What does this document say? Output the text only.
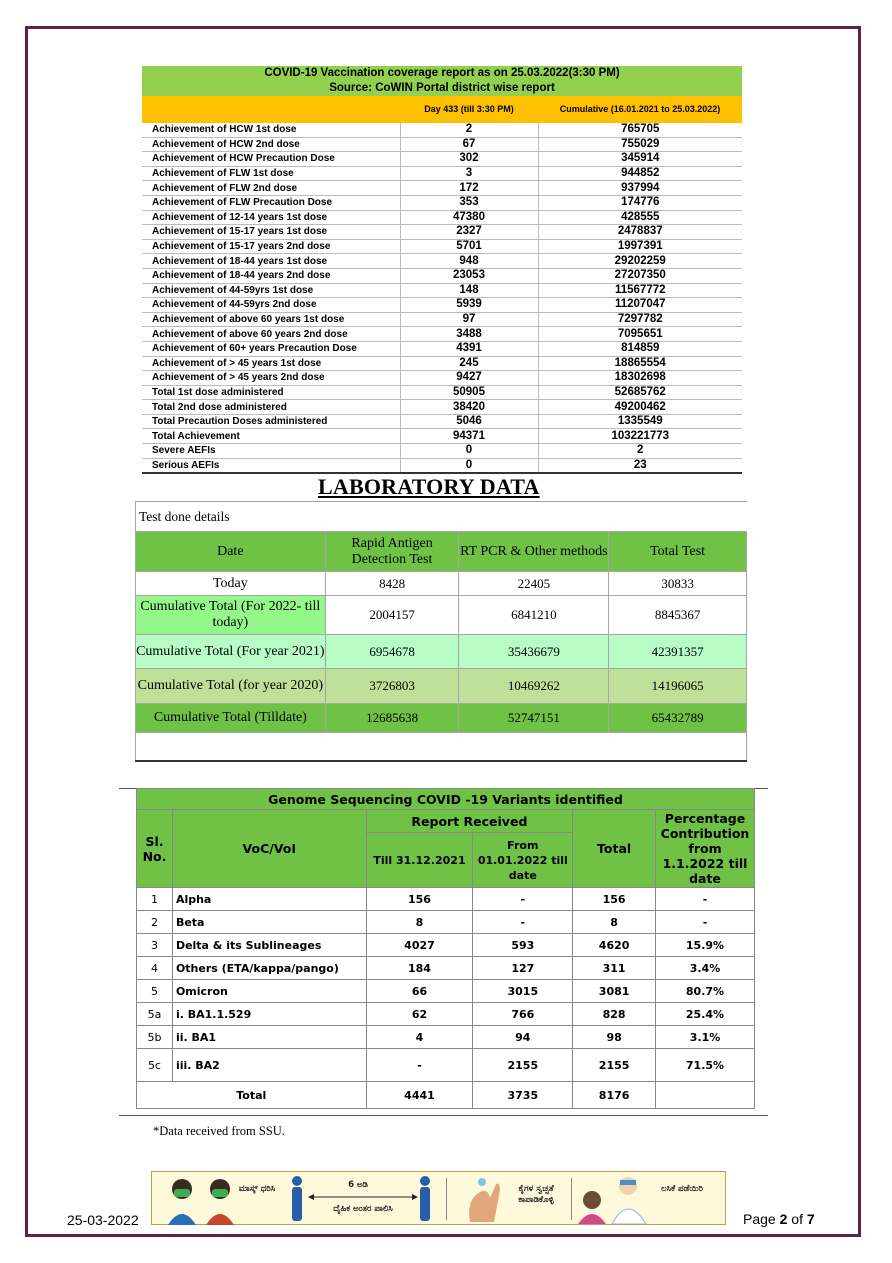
COVID-19 Vaccination coverage report as on 25.03.2022(3:30 PM)		
Source: CoWIN Portal district wise report		
	Day 433 (till 3:30 PM)	Cumulative (16.01.2021 to 25.03.2022)
Achievement of HCW 1st dose	2	765705
Achievement of HCW 2nd dose	67	755029
Achievement of HCW Precaution Dose	302	345914
Achievement of FLW 1st dose	3	944852
Achievement of FLW 2nd dose	172	937994
Achievement of FLW Precaution Dose	353	174776
Achievement of 12-14 years 1st dose	47380	428555
Achievement of 15-17 years 1st dose	2327	2478837
Achievement of 15-17 years 2nd dose	5701	1997391
Achievement of 18-44 years 1st dose	948	29202259
Achievement of 18-44 years 2nd dose	23053	27207350
Achievement of 44-59yrs 1st dose	148	11567772
Achievement of 44-59yrs 2nd dose	5939	11207047
Achievement of above 60 years 1st dose	97	7297782
Achievement of above 60 years 2nd dose	3488	7095651
Achievement of 60+ years Precaution Dose	4391	814859
Achievement of > 45 years 1st dose	245	18865554
Achievement of > 45 years 2nd dose	9427	18302698
Total 1st dose administered	50905	52685762
Total 2nd dose administered	38420	49200462
Total Precaution Doses administered	5046	1335549
Total Achievement	94371	103221773
Severe AEFIs	0	2
Serious AEFIs	0	23
LABORATORY DATA
Test done details			
Date	Rapid Antigen Detection Test	RT PCR & Other methods	Total Test
Today	8428	22405	30833
Cumulative Total (For 2022- till today)	2004157	6841210	8845367
Cumulative Total (For year 2021)	6954678	35436679	42391357
Cumulative Total (for year 2020)	3726803	10469262	14196065
Cumulative Total (Tilldate)	12685638	52747151	65432789

Genome Sequencing COVID -19 Variants identified					
Sl. No.	VoC/VoI	Report Received		Total	Percentage Contribution from 1.1.2022 till date
		Till 31.12.2021	From 01.01.2022 till date		
1	Alpha	156	-	156	-
2	Beta	8	-	8	-
3	Delta & its Sublineages	4027	593	4620	15.9%
4	Others (ETA/kappa/pango)	184	127	311	3.4%
5	Omicron	66	3015	3081	80.7%
5a	i. BA1.1.529	62	766	828	25.4%
5b	ii. BA1	4	94	98	3.1%
5c	iii. BA2	-	2155	2155	71.5%
Total		4441	3735	8176	
*Data received from SSU.
ಮಾಸ್ಕ್ ಧರಿಸಿ	6 ಅಡಿ
ದೈಹಿಕ ಅಂತರ ಪಾಲಿಸಿ
ಕೈಗಳ ಸ್ವಚ್ಛತೆ ಕಾಪಾಡಿಕೊಳ್ಳಿ
ಲಸಿಕೆ ಪಡೆಯಿರಿ
25-03-2022	Page 2 of 7
